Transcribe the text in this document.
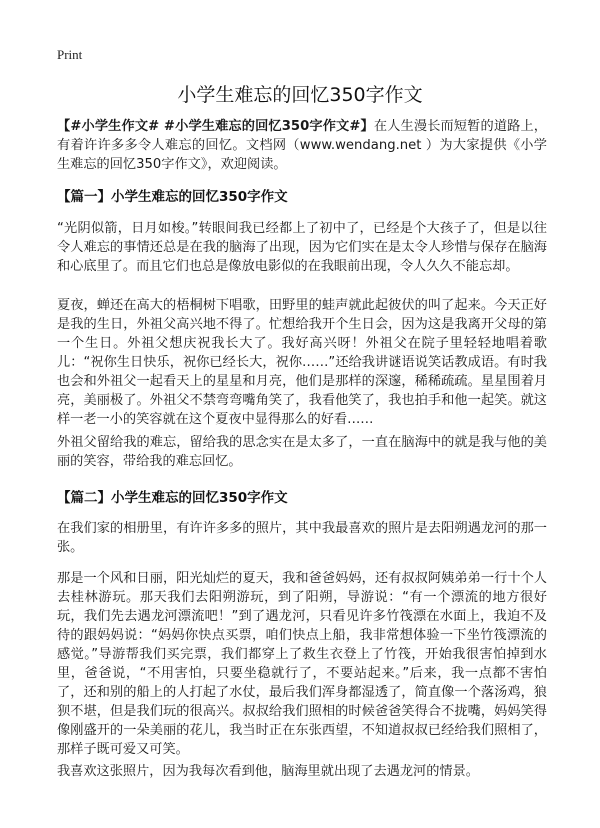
Print
小学生难忘的回忆350字作文

【#小学生作文# #小学生难忘的回忆350字作文#】在人生漫长而短暂的道路上，有着许许多多令人难忘的回忆。文档网（www.wendang.net ）为大家提供《小学生难忘的回忆350字作文》，欢迎阅读。

【篇一】小学生难忘的回忆350字作文

“光阴似箭，日月如梭。”转眼间我已经都上了初中了，已经是个大孩子了，但是以往令人难忘的事情还总是在我的脑海了出现，因为它们实在是太令人珍惜与保存在脑海和心底里了。而且它们也总是像放电影似的在我眼前出现，令人久久不能忘却。

夏夜，蝉还在高大的梧桐树下唱歌，田野里的蛙声就此起彼伏的叫了起来。今天正好是我的生日，外祖父高兴地不得了。忙想给我开个生日会，因为这是我离开父母的第一个生日。外祖父想庆祝我长大了。我好高兴呀！外祖父在院子里轻轻地唱着歌儿：“祝你生日快乐，祝你已经长大，祝你……”还给我讲谜语说笑话教成语。有时我也会和外祖父一起看天上的星星和月亮，他们是那样的深邃，稀稀疏疏。星星围着月亮，美丽极了。外祖父不禁弯弯嘴角笑了，我看他笑了，我也拍手和他一起笑。就这样一老一小的笑容就在这个夏夜中显得那么的好看……

外祖父留给我的难忘，留给我的思念实在是太多了，一直在脑海中的就是我与他的美丽的笑容，带给我的难忘回忆。

【篇二】小学生难忘的回忆350字作文

在我们家的相册里，有许许多多的照片，其中我最喜欢的照片是去阳朔遇龙河的那一张。

那是一个风和日丽，阳光灿烂的夏天，我和爸爸妈妈，还有叔叔阿姨弟弟一行十个人去桂林游玩。那天我们去阳朔游玩，到了阳朔，导游说：“有一个漂流的地方很好玩，我们先去遇龙河漂流吧！”到了遇龙河，只看见许多竹筏漂在水面上，我迫不及待的跟妈妈说：“妈妈你快点买票，咱们快点上船，我非常想体验一下坐竹筏漂流的感觉。”导游帮我们买完票，我们都穿上了救生衣登上了竹筏，开始我很害怕掉到水里，爸爸说，“不用害怕，只要坐稳就行了，不要站起来。”后来，我一点都不害怕了，还和别的船上的人打起了水仗，最后我们浑身都湿透了，简直像一个落汤鸡，狼狈不堪，但是我们玩的很高兴。叔叔给我们照相的时候爸爸笑得合不拢嘴，妈妈笑得像刚盛开的一朵美丽的花儿，我当时正在东张西望，不知道叔叔已经给我们照相了，那样子既可爱又可笑。

我喜欢这张照片，因为我每次看到他，脑海里就出现了去遇龙河的情景。
